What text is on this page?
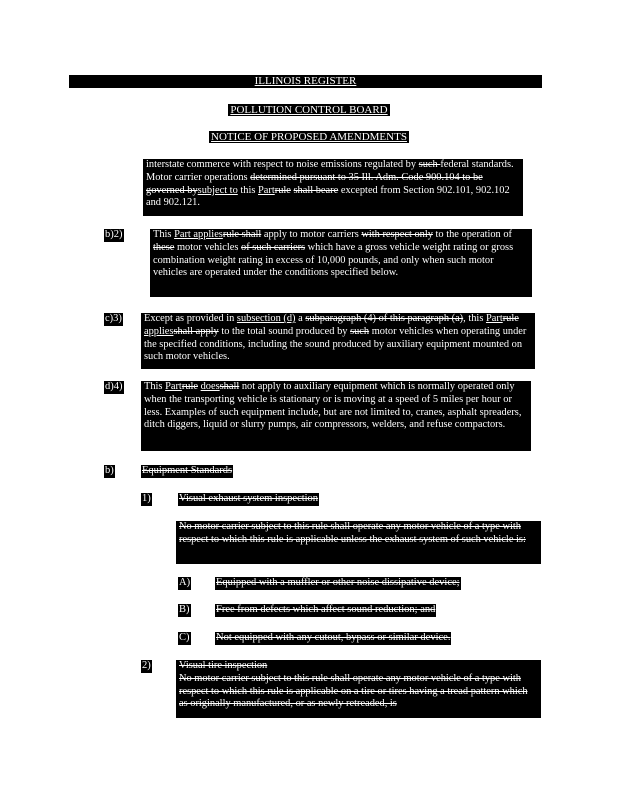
ILLINOIS REGISTER
POLLUTION CONTROL BOARD
NOTICE OF PROPOSED AMENDMENTS
interstate commerce with respect to noise emissions regulated by such federal standards. Motor carrier operations determined pursuant to 35 Ill. Adm. Code 900.104 to be governed bysubject to this Partrule shall beare excepted from Section 902.101, 902.102 and 902.121.
b)2)	This Part appliesrule shall apply to motor carriers with respect only to the operation of these motor vehicles of such carriers which have a gross vehicle weight rating or gross combination weight rating in excess of 10,000 pounds, and only when such motor vehicles are operated under the conditions specified below.
c)3) Except as provided in subsection (d) a subparagraph (4) of this paragraph (a), this Partrule appliesshall apply to the total sound produced by such motor vehicles when operating under the specified conditions, including the sound produced by auxiliary equipment mounted on such motor vehicles.
d)4) This Partrule doesshall not apply to auxiliary equipment which is normally operated only when the transporting vehicle is stationary or is moving at a speed of 5 miles per hour or less. Examples of such equipment include, but are not limited to, cranes, asphalt spreaders, ditch diggers, liquid or slurry pumps, air compressors, welders, and refuse compactors.
b)	Equipment Standards
1)	Visual exhaust system inspection
No motor carrier subject to this rule shall operate any motor vehicle of a type with respect to which this rule is applicable unless the exhaust system of such vehicle is:
A) Equipped with a muffler or other noise dissipative device;
B)	Free from defects which affect sound reduction; and
C)	Not equipped with any cutout, bypass or similar device.
2)	Visual tire inspection
No motor carrier subject to this rule shall operate any motor vehicle of a type with respect to which this rule is applicable on a tire or tires having a tread pattern which as originally manufactured, or as newly retreaded, is
